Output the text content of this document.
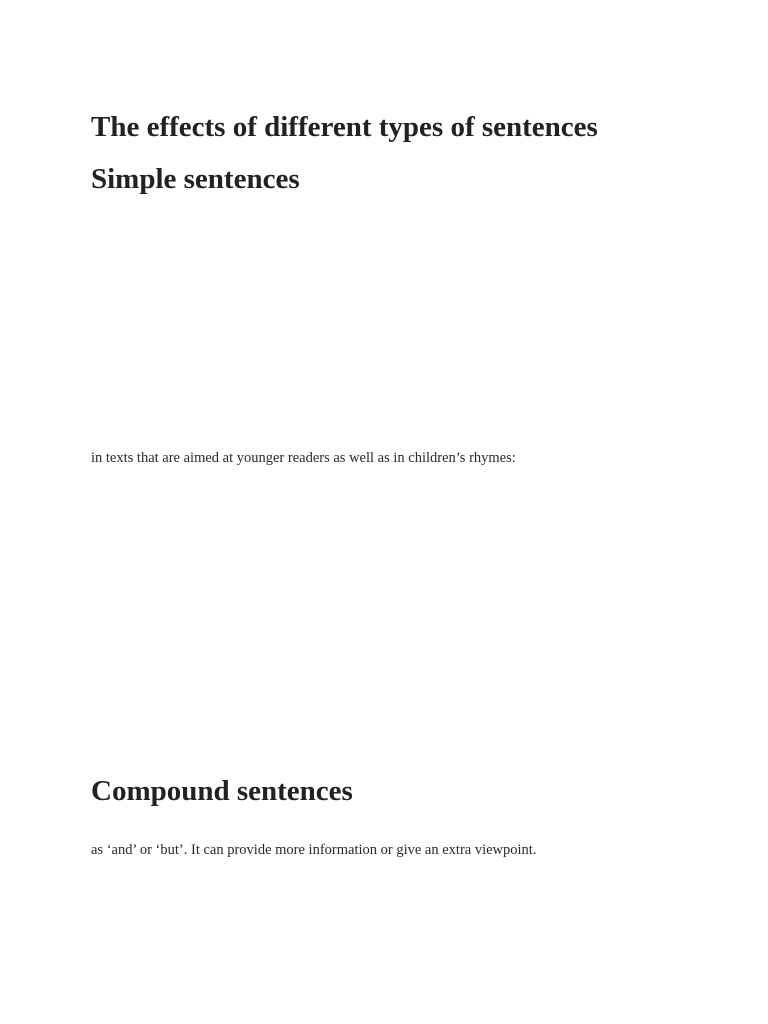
The effects of different types of sentences
Simple sentences

in texts that are aimed at younger readers as well as in children’s rhymes:

Compound sentences

as ‘and’ or ‘but’. It can provide more information or give an extra viewpoint.
